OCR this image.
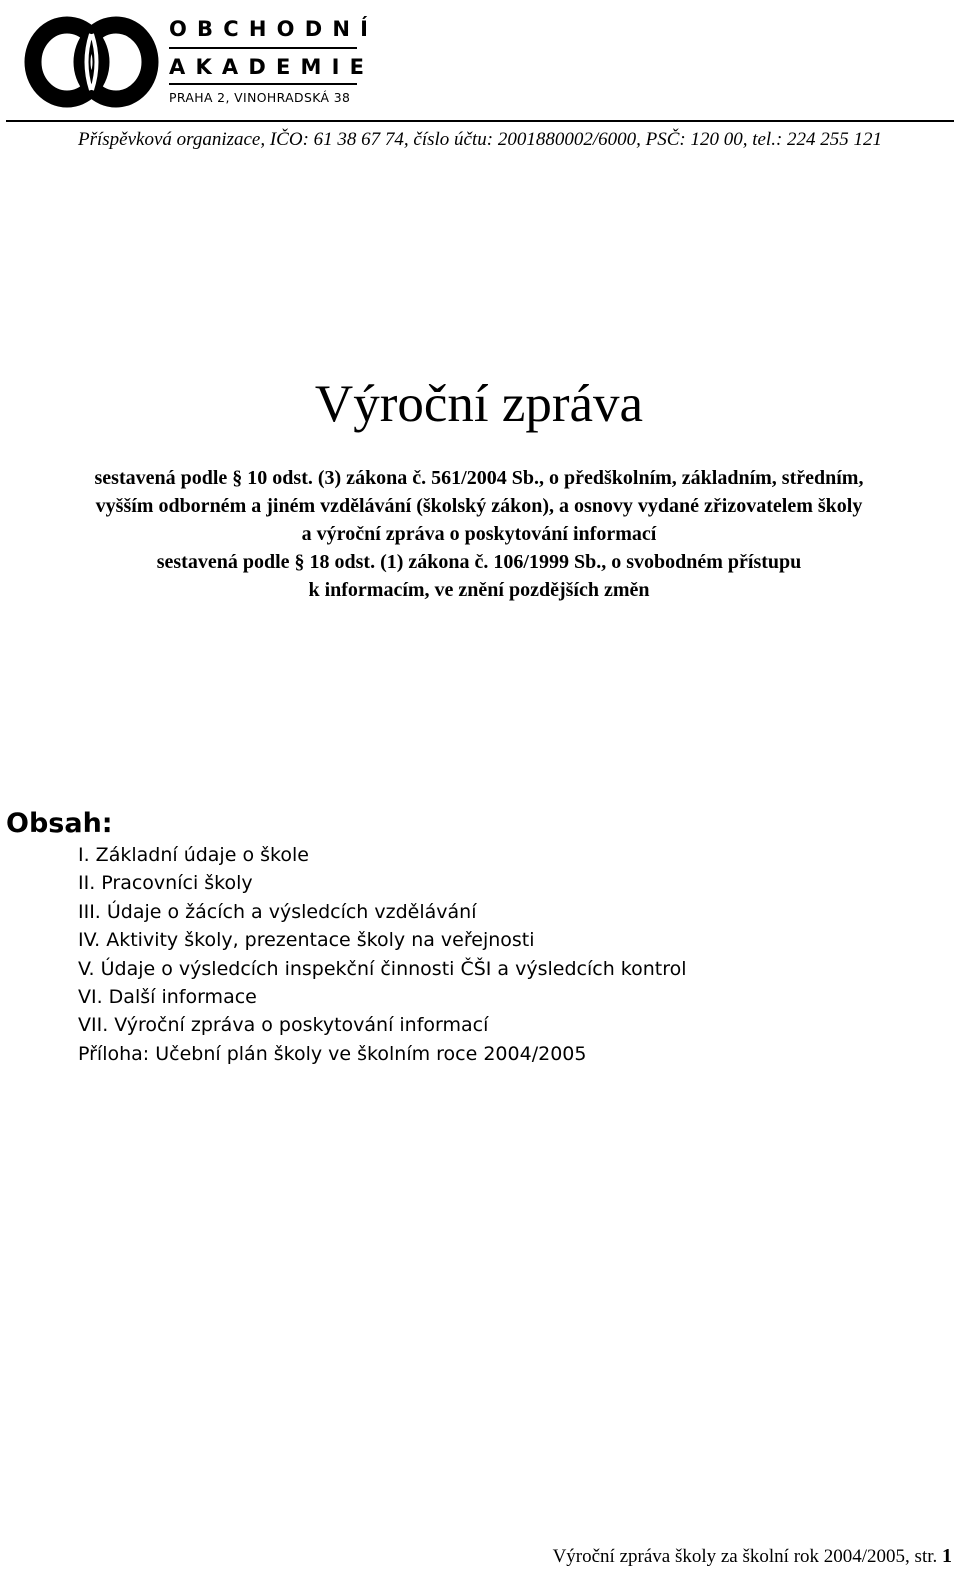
OBCHODNÍ
AKADEMIE
PRAHA 2, VINOHRADSKÁ 38
Příspěvková organizace, IČO: 61 38 67 74, číslo účtu: 2001880002/6000, PSČ: 120 00, tel.: 224 255 121
Výroční zpráva
sestavená podle § 10 odst. (3) zákona č. 561/2004 Sb., o předškolním, základním, středním,
vyšším odborném a jiném vzdělávání (školský zákon), a osnovy vydané zřizovatelem školy
a výroční zpráva o poskytování informací
sestavená podle § 18 odst. (1) zákona č. 106/1999 Sb., o svobodném přístupu
k informacím, ve znění pozdějších změn
Obsah:
I. Základní údaje o škole
II. Pracovníci školy
III. Údaje o žácích a výsledcích vzdělávání
IV. Aktivity školy, prezentace školy na veřejnosti
V. Údaje o výsledcích inspekční činnosti ČŠI a výsledcích kontrol
VI. Další informace
VII. Výroční zpráva o poskytování informací
Příloha: Učební plán školy ve školním roce 2004/2005
Výroční zpráva školy za školní rok 2004/2005, str. 1
